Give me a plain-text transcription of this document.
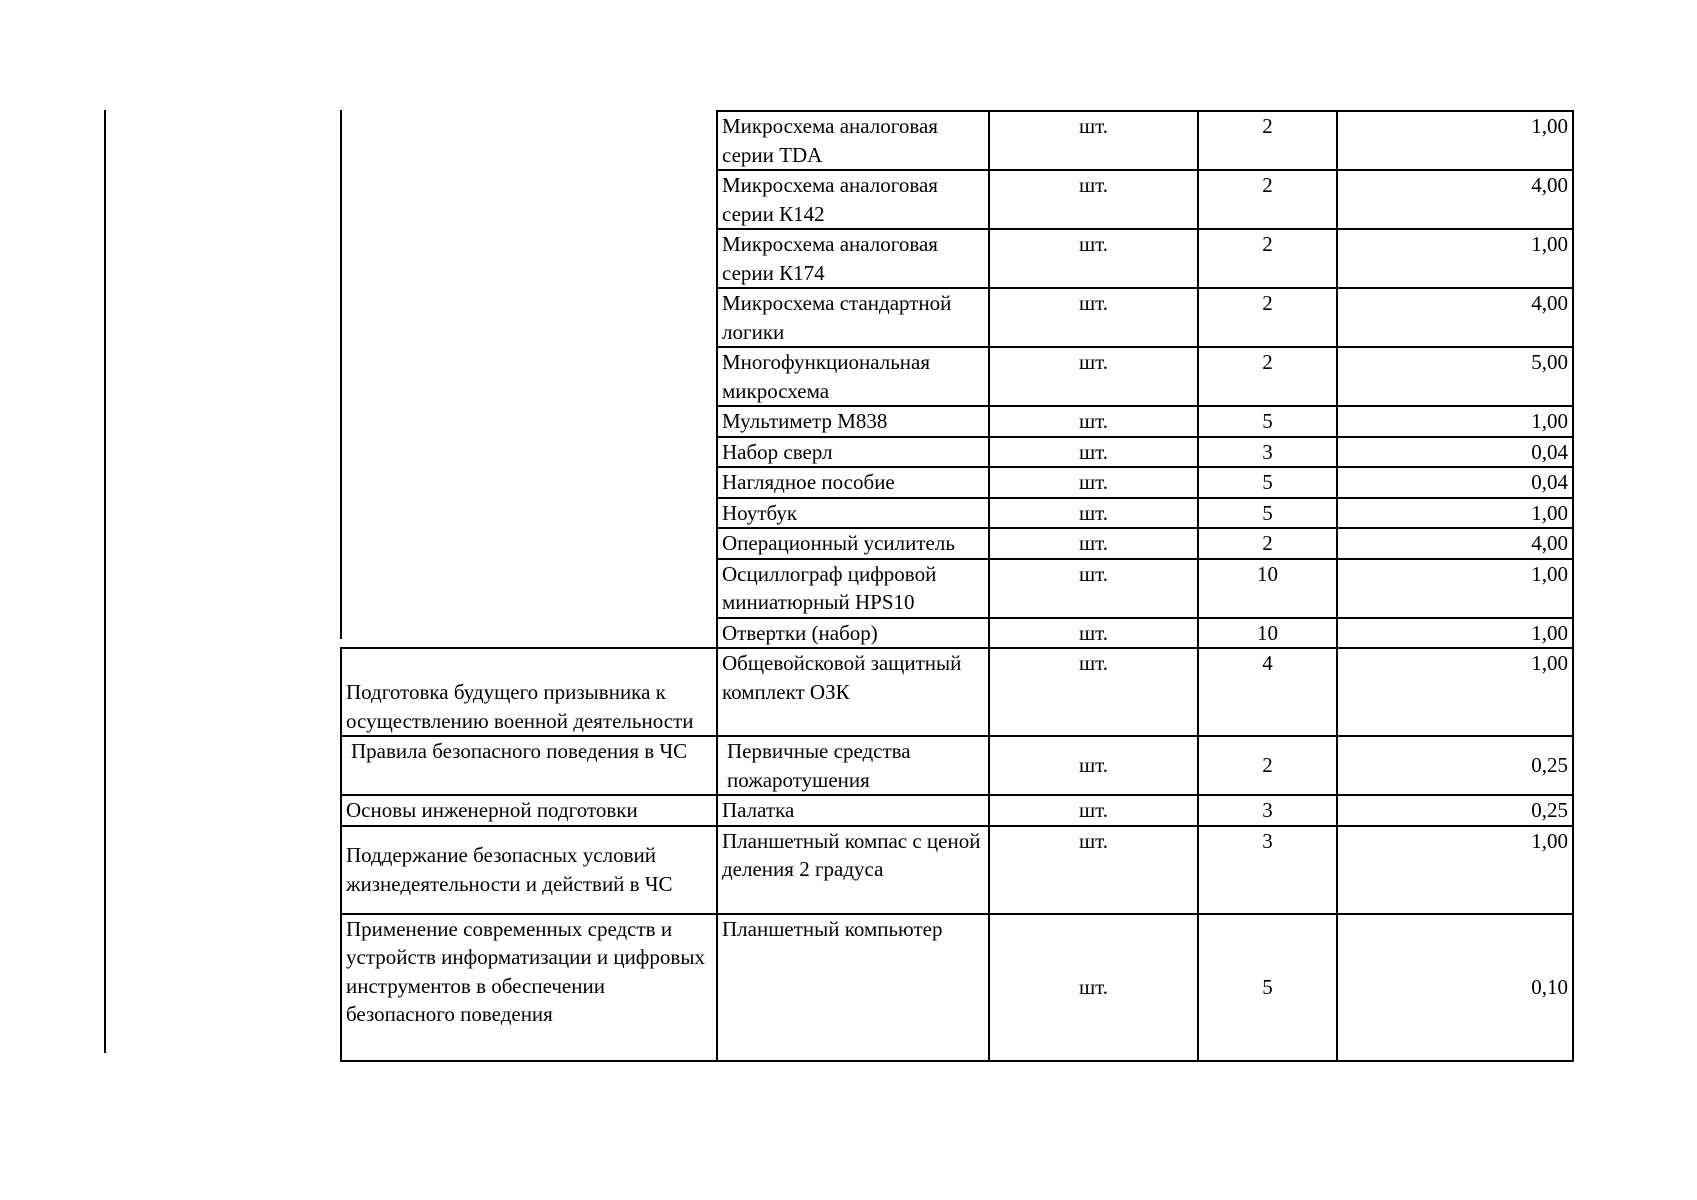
	Микросхема аналоговая серии TDA	шт.	2	1,00
	Микросхема аналоговая серии К142	шт.	2	4,00
	Микросхема аналоговая серии К174	шт.	2	1,00
	Микросхема стандартной логики	шт.	2	4,00
	Многофункциональная микросхема	шт.	2	5,00
	Мультиметр М838	шт.	5	1,00
	Набор сверл	шт.	3	0,04
	Наглядное пособие	шт.	5	0,04
	Ноутбук	шт.	5	1,00
	Операционный усилитель	шт.	2	4,00
	Осциллограф цифровой миниатюрный HPS10	шт.	10	1,00
	Отвертки (набор)	шт.	10	1,00
Подготовка будущего призывника к осуществлению военной деятельности	Общевойсковой защитный комплект ОЗК	шт.	4	1,00
Правила безопасного поведения в ЧС	Первичные средства пожаротушения	шт.	2	0,25
Основы инженерной подготовки	Палатка	шт.	3	0,25
Поддержание безопасных условий жизнедеятельности и действий в ЧС	Планшетный компас с ценой деления 2 градуса	шт.	3	1,00
Применение современных средств и устройств информатизации и цифровых инструментов в обеспечении безопасного поведения	Планшетный компьютер	шт.	5	0,10
